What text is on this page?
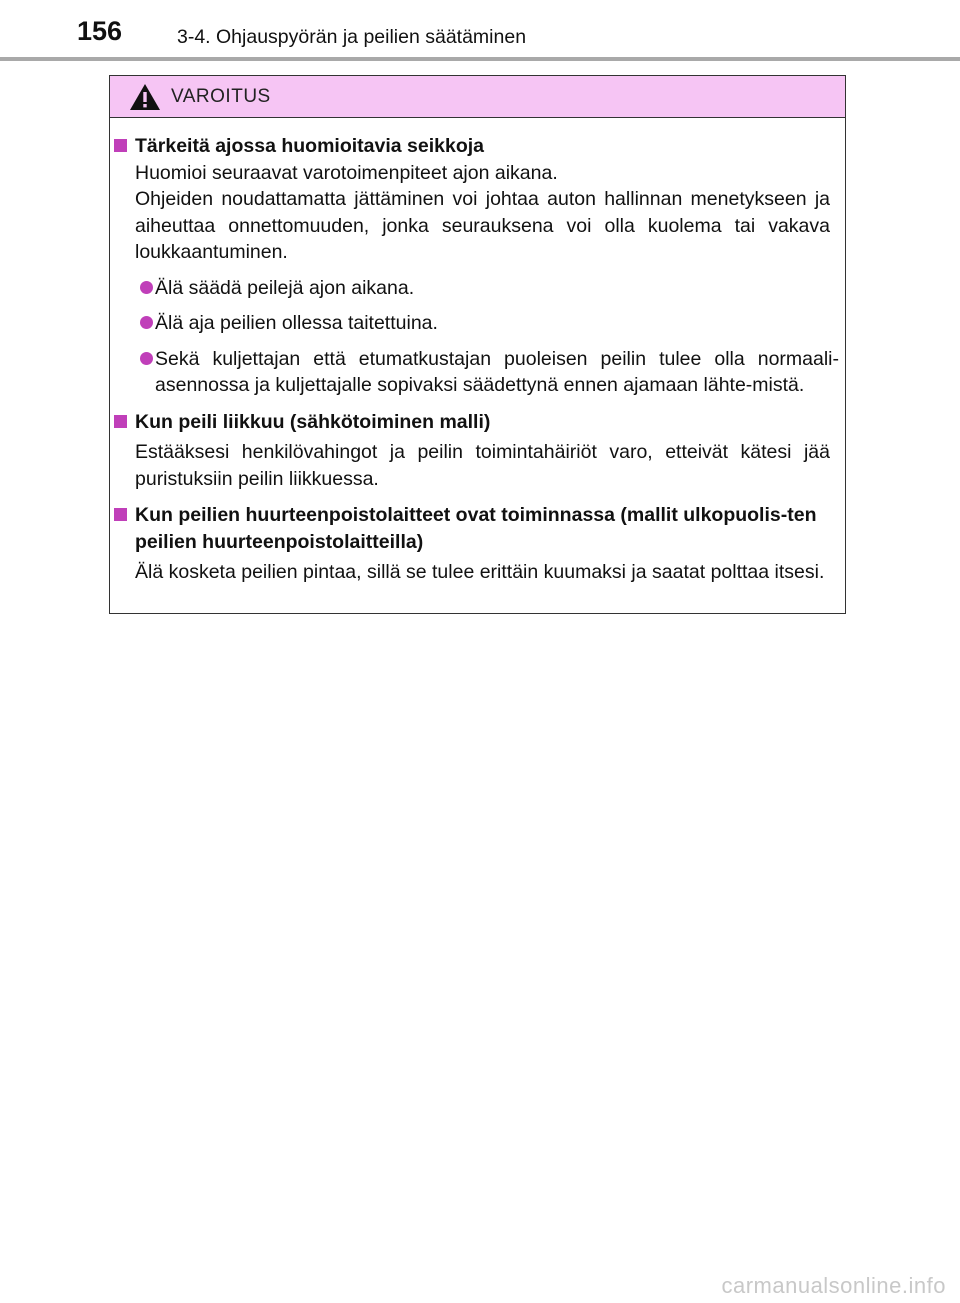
156	3-4. Ohjauspyörän ja peilien säätäminen
VAROITUS
Tärkeitä ajossa huomioitavia seikkoja
Huomioi seuraavat varotoimenpiteet ajon aikana.
Ohjeiden noudattamatta jättäminen voi johtaa auton hallinnan menetykseen ja aiheuttaa onnettomuuden, jonka seurauksena voi olla kuolema tai vakava loukkaantuminen.
Älä säädä peilejä ajon aikana.
Älä aja peilien ollessa taitettuina.
Sekä kuljettajan että etumatkustajan puoleisen peilin tulee olla normaali-asennossa ja kuljettajalle sopivaksi säädettynä ennen ajamaan lähte-mistä.
Kun peili liikkuu (sähkötoiminen malli)
Estääksesi henkilövahingot ja peilin toimintahäiriöt varo, etteivät kätesi jää puristuksiin peilin liikkuessa.
Kun peilien huurteenpoistolaitteet ovat toiminnassa (mallit ulkopuolis-ten peilien huurteenpoistolaitteilla)
Älä kosketa peilien pintaa, sillä se tulee erittäin kuumaksi ja saatat polttaa itsesi.
carmanualsonline.info
